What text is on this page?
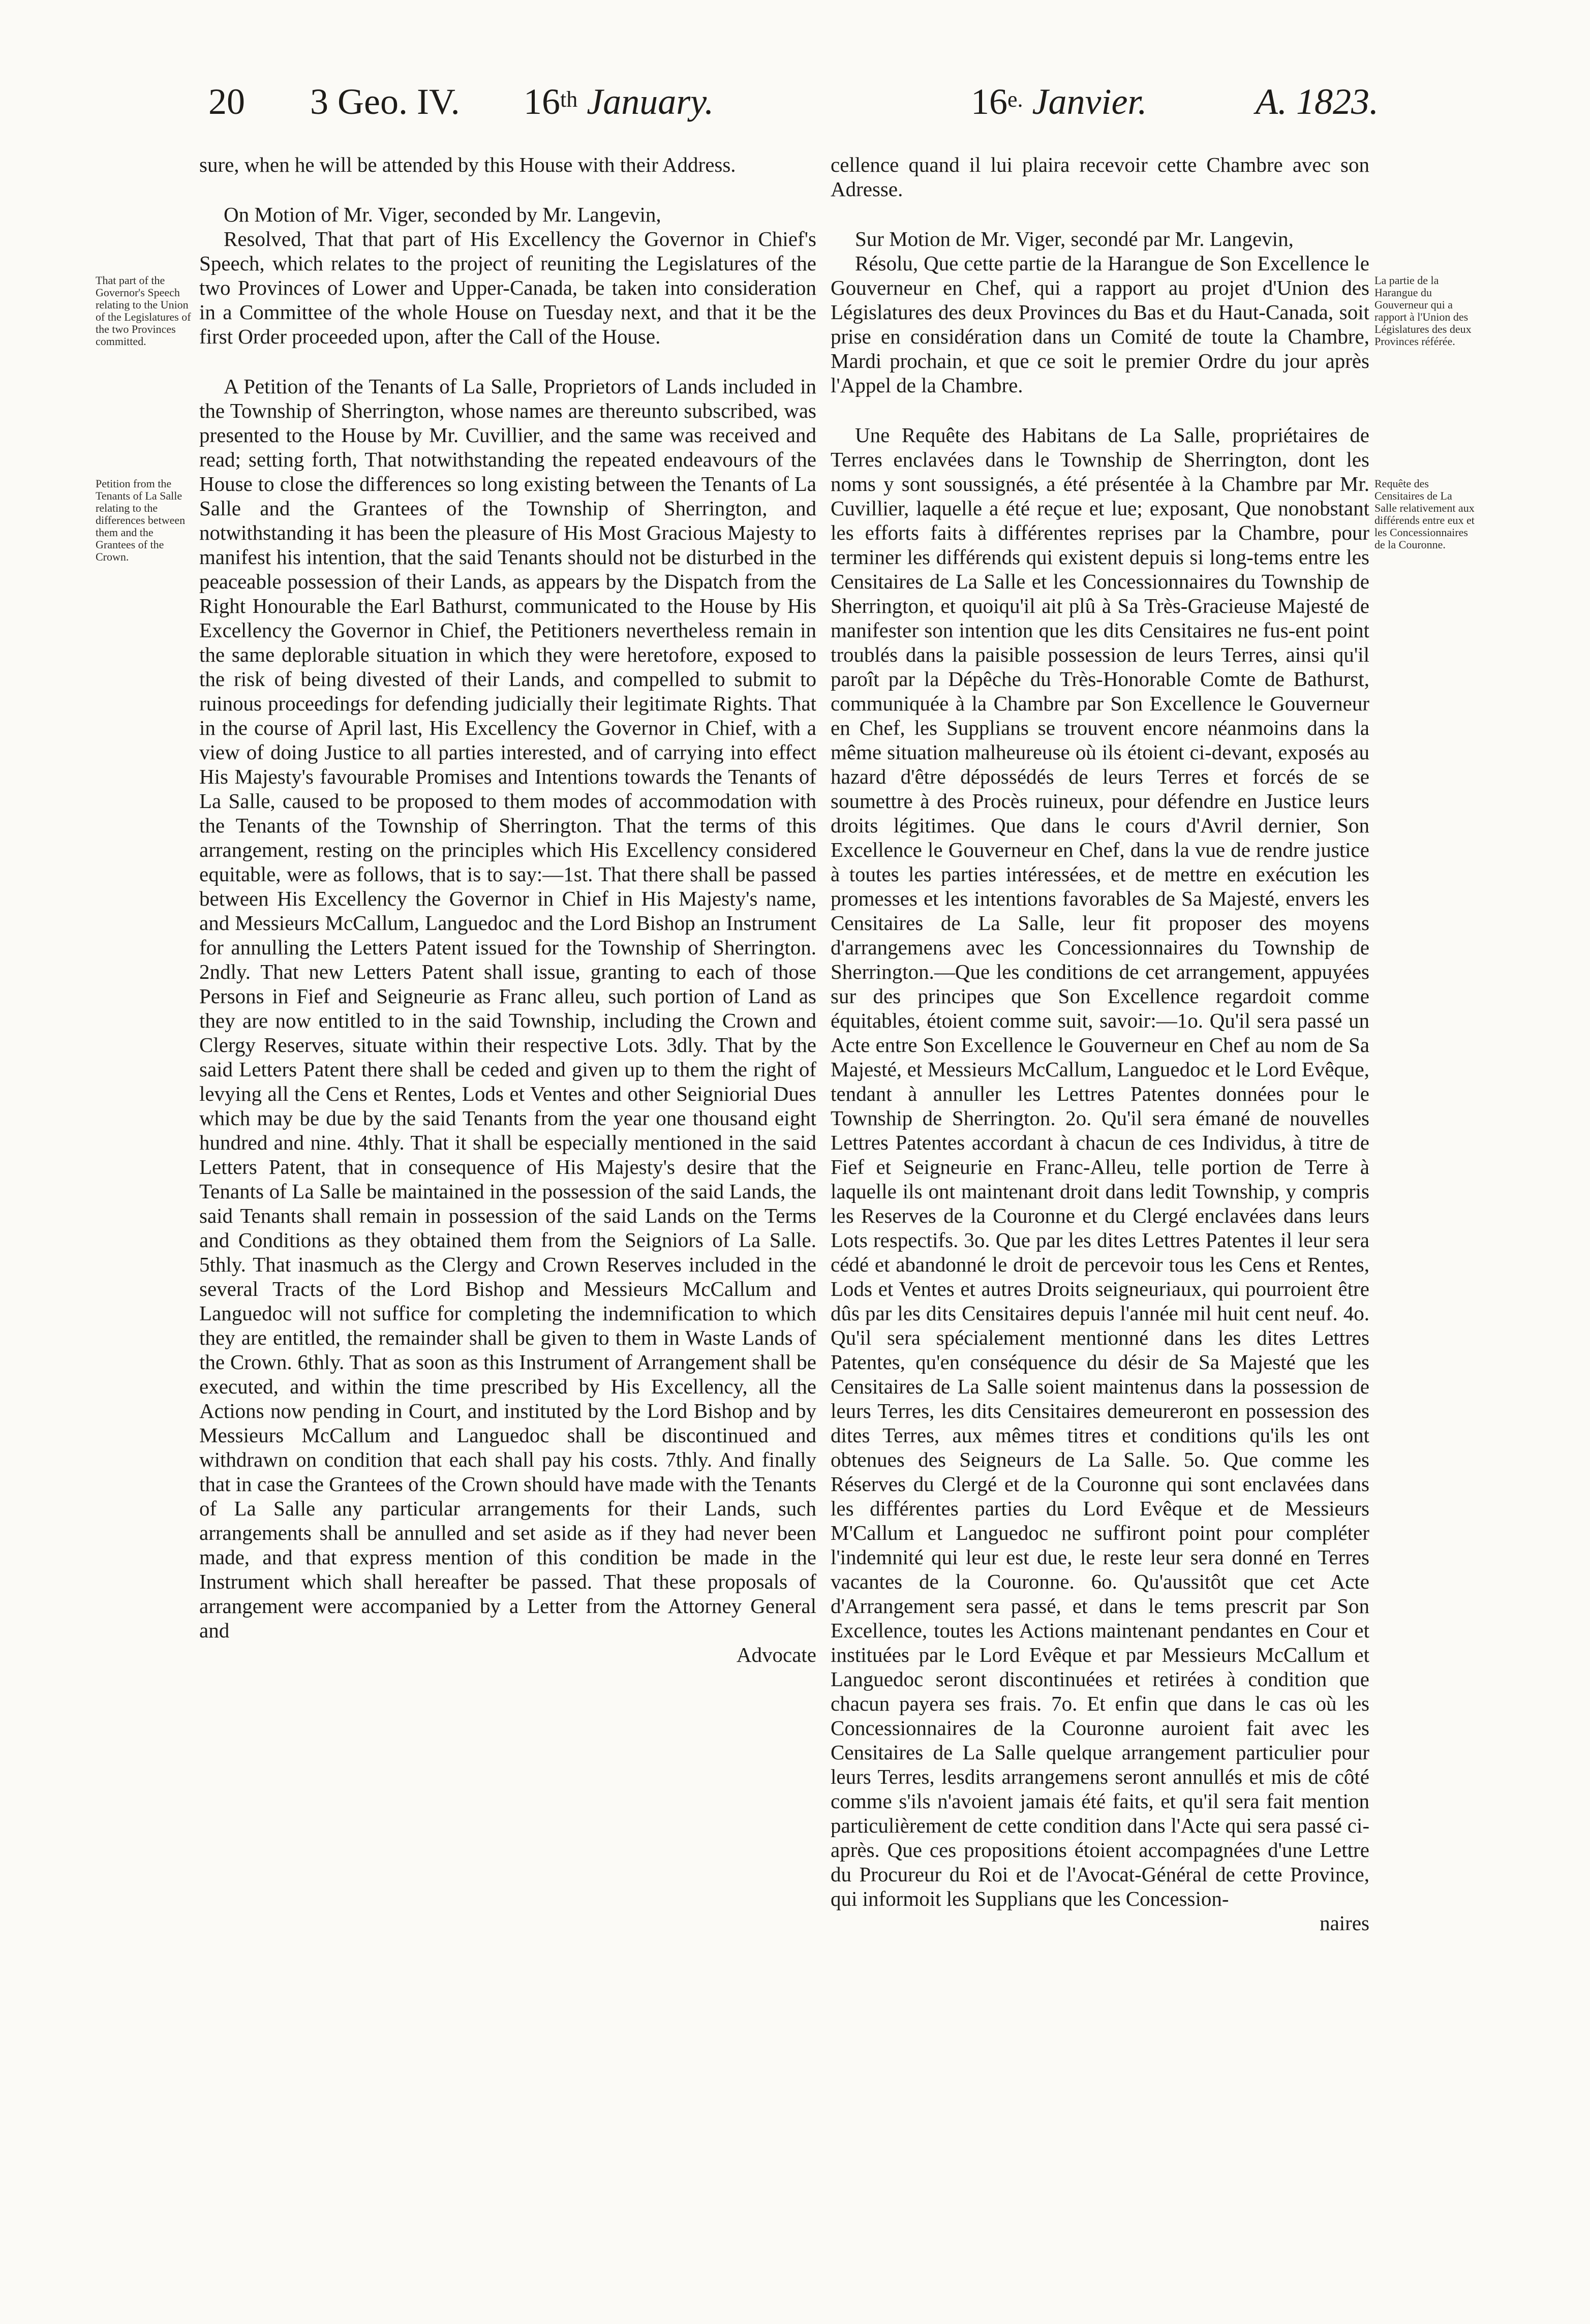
20 3 Geo. IV. 16th January.	$16^{e.}$ Janvier.	A. 1823.

sure, when he will be attended by this House with their Address.

On Motion of Mr. Viger, seconded by Mr. Langevin,

Resolved, That that part of His Excellency the Governor in Chief's Speech, which relates to the project of reuniting the Legislatures of the two Provinces of Lower and Upper-Canada, be taken into consideration in a Committee of the whole House on Tuesday next, and that it be the first Order proceeded upon, after the Call of the House.

A Petition of the Tenants of La Salle, Proprietors of Lands included in the Township of Sherrington, whose names are thereunto subscribed, was presented to the House by Mr. Cuvillier, and the same was received and read; setting forth, That notwithstanding the repeated endeavours of the House to close the differences so long existing between the Tenants of La Salle and the Grantees of the Township of Sherrington, and notwithstanding it has been the pleasure of His Most Gracious Majesty to manifest his intention, that the said Tenants should not be disturbed in the peaceable possession of their Lands, as appears by the Dispatch from the Right Honourable the Earl Bathurst, communicated to the House by His Excellency the Governor in Chief, the Petitioners nevertheless remain in the same deplorable situation in which they were heretofore, exposed to the risk of being divested of their Lands, and compelled to submit to ruinous proceedings for defending judicially their legitimate Rights. That in the course of April last, His Excellency the Governor in Chief, with a view of doing Justice to all parties interested, and of carrying into effect His Majesty's favourable Promises and Intentions towards the Tenants of La Salle, caused to be proposed to them modes of accommodation with the Tenants of the Township of Sherrington. That the terms of this arrangement, resting on the principles which His Excellency considered equitable, were as follows, that is to say:—1st. That there shall be passed between His Excellency the Governor in Chief in His Majesty's name, and Messieurs McCallum, Languedoc and the Lord Bishop an Instrument for annulling the Letters Patent issued for the Township of Sherrington. 2ndly. That new Letters Patent shall issue, granting to each of those Persons in Fief and Seigneurie as Franc alleu, such portion of Land as they are now entitled to in the said Township, including the Crown and Clergy Reserves, situate within their respective Lots. 3dly. That by the said Letters Patent there shall be ceded and given up to them the right of levying all the Cens et Rentes, Lods et Ventes and other Seigniorial Dues which may be due by the said Tenants from the year one thousand eight hundred and nine. 4thly. That it shall be especially mentioned in the said Letters Patent, that in consequence of His Majesty's desire that the Tenants of La Salle be maintained in the possession of the said Lands, the said Tenants shall remain in possession of the said Lands on the Terms and Conditions as they obtained them from the Seigniors of La Salle. 5thly. That inasmuch as the Clergy and Crown Reserves included in the several Tracts of the Lord Bishop and Messieurs McCallum and Languedoc will not suffice for completing the indemnification to which they are entitled, the remainder shall be given to them in Waste Lands of the Crown. 6thly. That as soon as this Instrument of Arrangement shall be executed, and within the time prescribed by His Excellency, all the Actions now pending in Court, and instituted by the Lord Bishop and by Messieurs McCallum and Languedoc shall be discontinued and withdrawn on condition that each shall pay his costs. 7thly. And finally that in case the Grantees of the Crown should have made with the Tenants of La Salle any particular arrangements for their Lands, such arrangements shall be annulled and set aside as if they had never been made, and that express mention of this condition be made in the Instrument which shall hereafter be passed. That these proposals of arrangement were accompanied by a Letter from the Attorney General and

Advocate

cellence quand il lui plaira recevoir cette Chambre avec son Adresse.

Sur Motion de Mr. Viger, secondé par Mr. Langevin,

Résolu, Que cette partie de la Harangue de Son Excellence le Gouverneur en Chef, qui a rapport au projet d'Union des Législatures des deux Provinces du Bas et du Haut-Canada, soit prise en considération dans un Comité de toute la Chambre, Mardi prochain, et que ce soit le premier Ordre du jour après l'Appel de la Chambre.

Une Requête des Habitans de La Salle, propriétaires de Terres enclavées dans le Township de Sherrington, dont les noms y sont soussignés, a été présentée à la Chambre par Mr. Cuvillier, laquelle a été reçue et lue; exposant, Que nonobstant les efforts faits à différentes reprises par la Chambre, pour terminer les différends qui existent depuis si long-tems entre les Censitaires de La Salle et les Concessionnaires du Township de Sherrington, et quoiqu'il ait plû à Sa Très-Gracieuse Majesté de manifester son intention que les dits Censitaires ne fus-ent point troublés dans la paisible possession de leurs Terres, ainsi qu'il paroît par la Dépêche du Très-Honorable Comte de Bathurst, communiquée à la Chambre par Son Excellence le Gouverneur en Chef, les Supplians se trouvent encore néanmoins dans la même situation malheureuse où ils étoient ci-devant, exposés au hazard d'être dépossédés de leurs Terres et forcés de se soumettre à des Procès ruineux, pour défendre en Justice leurs droits légitimes. Que dans le cours d'Avril dernier, Son Excellence le Gouverneur en Chef, dans la vue de rendre justice à toutes les parties intéressées, et de mettre en exécution les promesses et les intentions favorables de Sa Majesté, envers les Censitaires de La Salle, leur fit proposer des moyens d'arrangemens avec les Concessionnaires du Township de Sherrington.—Que les conditions de cet arrangement, appuyées sur des principes que Son Excellence regardoit comme équitables, étoient comme suit, savoir:—1o. Qu'il sera passé un Acte entre Son Excellence le Gouverneur en Chef au nom de Sa Majesté, et Messieurs McCallum, Languedoc et le Lord Evêque, tendant à annuller les Lettres Patentes données pour le Township de Sherrington. 2o. Qu'il sera émané de nouvelles Lettres Patentes accordant à chacun de ces Individus, à titre de Fief et Seigneurie en Franc-Alleu, telle portion de Terre à laquelle ils ont maintenant droit dans ledit Township, y compris les Reserves de la Couronne et du Clergé enclavées dans leurs Lots respectifs. 3o. Que par les dites Lettres Patentes il leur sera cédé et abandonné le droit de percevoir tous les Cens et Rentes, Lods et Ventes et autres Droits seigneuriaux, qui pourroient être dûs par les dits Censitaires depuis l'année mil huit cent neuf. 4o. Qu'il sera spécialement mentionné dans les dites Lettres Patentes, qu'en conséquence du désir de Sa Majesté que les Censitaires de La Salle soient maintenus dans la possession de leurs Terres, les dits Censitaires demeureront en possession des dites Terres, aux mêmes titres et conditions qu'ils les ont obtenues des Seigneurs de La Salle. 5o. Que comme les Réserves du Clergé et de la Couronne qui sont enclavées dans les différentes parties du Lord Evêque et de Messieurs M'Callum et Languedoc ne suffiront point pour compléter l'indemnité qui leur est due, le reste leur sera donné en Terres vacantes de la Couronne. 6o. Qu'aussitôt que cet Acte d'Arrangement sera passé, et dans le tems prescrit par Son Excellence, toutes les Actions maintenant pendantes en Cour et instituées par le Lord Evêque et par Messieurs McCallum et Languedoc seront discontinuées et retirées à condition que chacun payera ses frais. 7o. Et enfin que dans le cas où les Concessionnaires de la Couronne auroient fait avec les Censitaires de La Salle quelque arrangement particulier pour leurs Terres, lesdits arrangemens seront annullés et mis de côté comme s'ils n'avoient jamais été faits, et qu'il sera fait mention particulièrement de cette condition dans l'Acte qui sera passé ci-après. Que ces propositions étoient accompagnées d'une Lettre du Procureur du Roi et de l'Avocat-Général de cette Province, qui informoit les Supplians que les Concession-

naires

That part of the Governor's Speech relating to the Union of the Legislatures of the two Provinces committed.
Petition from the Tenants of La Salle relating to the differences between them and the Grantees of the Crown.
La partie de la Harangue du Gouverneur qui a rapport à l'Union des Législatures des deux Provinces référée.
Requête des Censitaires de La Salle relativement aux différends entre eux et les Concessionnaires de la Couronne.
